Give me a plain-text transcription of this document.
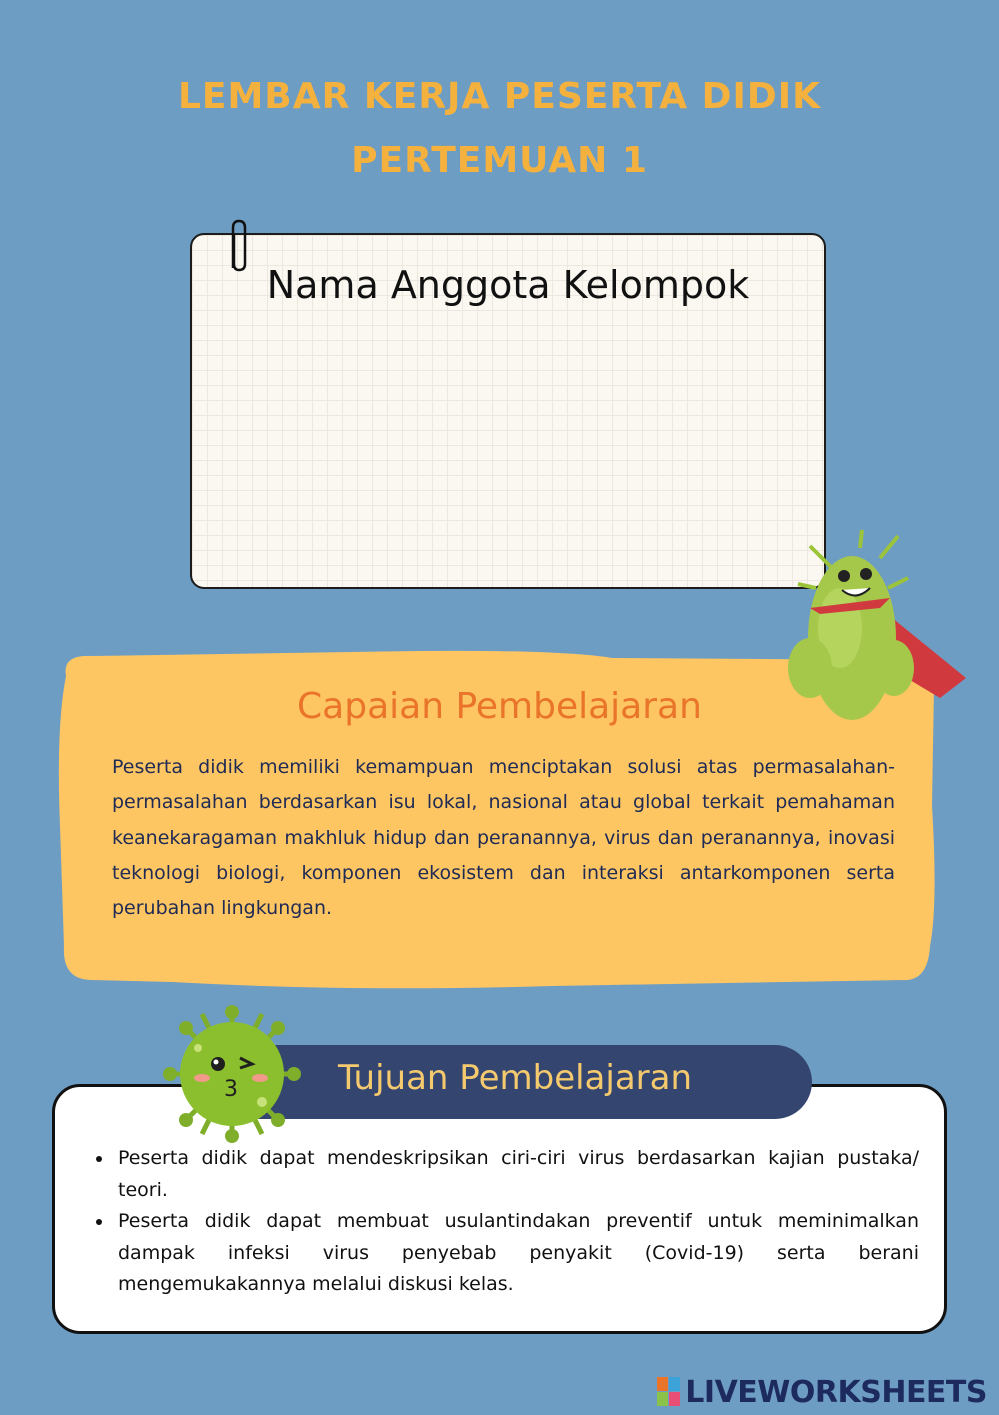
LEMBAR KERJA PESERTA DIDIK
PERTEMUAN 1
Nama Anggota Kelompok
Capaian Pembelajaran
Peserta didik memiliki kemampuan menciptakan solusi atas permasalahan-permasalahan berdasarkan isu lokal, nasional atau global terkait pemahaman keanekaragaman makhluk hidup dan peranannya, virus dan peranannya, inovasi teknologi biologi, komponen ekosistem dan interaksi antarkomponen serta perubahan lingkungan.
Tujuan Pembelajaran
3
Peserta didik dapat mendeskripsikan ciri-ciri virus berdasarkan kajian pustaka/ teori.
Peserta didik dapat membuat usulantindakan preventif untuk meminimalkan dampak infeksi virus penyebab penyakit (Covid-19) serta berani mengemukakannya melalui diskusi kelas.
LIVEWORKSHEETS
